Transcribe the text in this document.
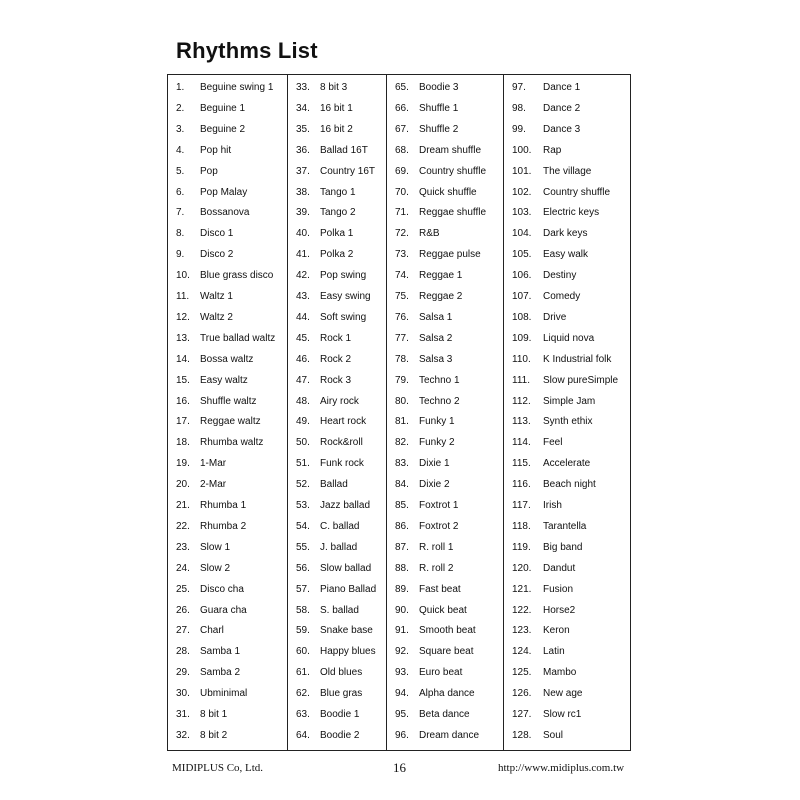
Rhythms List
1. Beguine swing 1
2. Beguine 1
3. Beguine 2
4. Pop hit
5. Pop
6. Pop Malay
7. Bossanova
8. Disco 1
9. Disco 2
10. Blue grass disco
11. Waltz 1
12. Waltz 2
13. True ballad waltz
14. Bossa waltz
15. Easy waltz
16. Shuffle waltz
17. Reggae waltz
18. Rhumba waltz
19. 1-Mar
20. 2-Mar
21. Rhumba 1
22. Rhumba 2
23. Slow 1
24. Slow 2
25. Disco cha
26. Guara cha
27. Charl
28. Samba 1
29. Samba 2
30. Ubminimal
31. 8 bit 1
32. 8 bit 2
33. 8 bit 3
34. 16 bit 1
35. 16 bit 2
36. Ballad 16T
37. Country 16T
38. Tango 1
39. Tango 2
40. Polka 1
41. Polka 2
42. Pop swing
43. Easy swing
44. Soft swing
45. Rock 1
46. Rock 2
47. Rock 3
48. Airy rock
49. Heart rock
50. Rock&roll
51. Funk rock
52. Ballad
53. Jazz ballad
54. C. ballad
55. J. ballad
56. Slow ballad
57. Piano Ballad
58. S. ballad
59. Snake base
60. Happy blues
61. Old blues
62. Blue gras
63. Boodie 1
64. Boodie 2
65. Boodie 3
66. Shuffle 1
67. Shuffle 2
68. Dream shuffle
69. Country shuffle
70. Quick shuffle
71. Reggae shuffle
72. R&B
73. Reggae pulse
74. Reggae 1
75. Reggae 2
76. Salsa 1
77. Salsa 2
78. Salsa 3
79. Techno 1
80. Techno 2
81. Funky 1
82. Funky 2
83. Dixie 1
84. Dixie 2
85. Foxtrot 1
86. Foxtrot 2
87. R. roll 1
88. R. roll 2
89. Fast beat
90. Quick beat
91. Smooth beat
92. Square beat
93. Euro beat
94. Alpha dance
95. Beta dance
96. Dream dance
97. Dance 1
98. Dance 2
99. Dance 3
100. Rap
101. The village
102. Country shuffle
103. Electric keys
104. Dark keys
105. Easy walk
106. Destiny
107. Comedy
108. Drive
109. Liquid nova
110. K Industrial folk
111. Slow pureSimple
112. Simple Jam
113. Synth ethix
114. Feel
115. Accelerate
116. Beach night
117. Irish
118. Tarantella
119. Big band
120. Dandut
121. Fusion
122. Horse2
123. Keron
124. Latin
125. Mambo
126. New age
127. Slow rc1
128. Soul
MIDIPLUS Co, Ltd.	16	http://www.midiplus.com.tw
